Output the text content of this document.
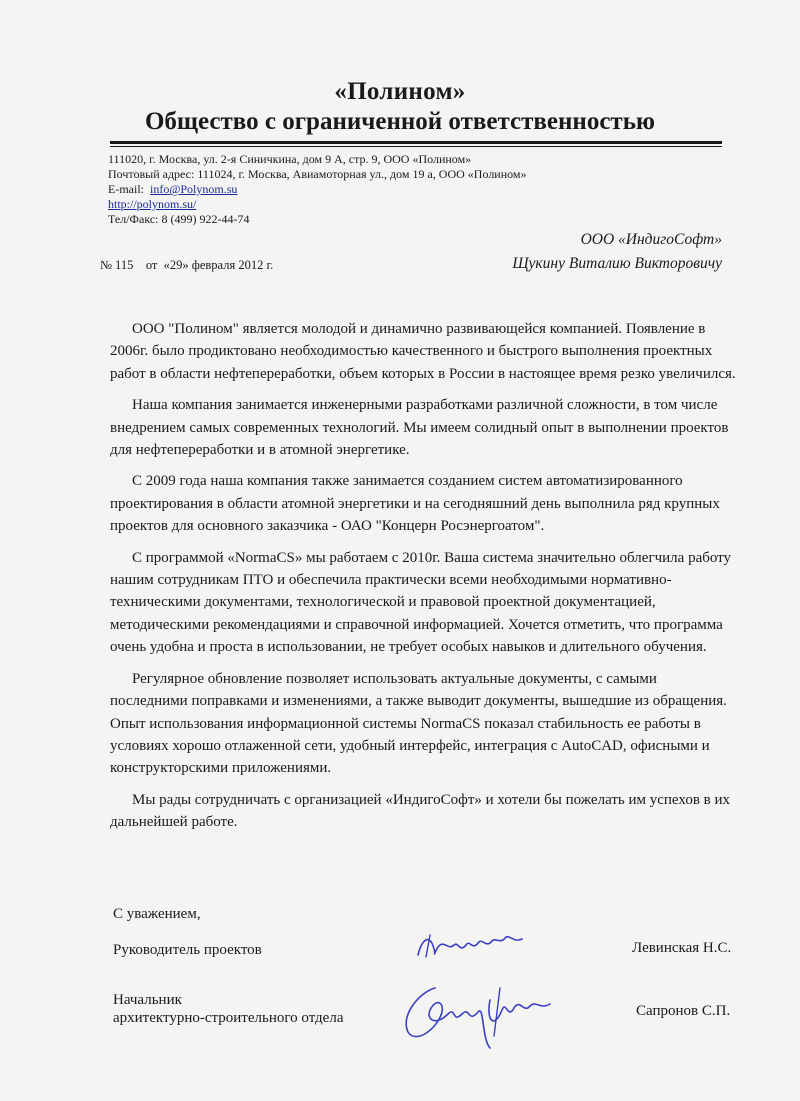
«Полином»
Общество с ограниченной ответственностью
111020, г. Москва, ул. 2-я Синичкина, дом 9 А, стр. 9, ООО «Полином»
Почтовый адрес: 111024, г. Москва, Авиамоторная ул., дом 19 а, ООО «Полином»
E-mail: info@Polynom.su
http://polynom.su/
Тел/Факс: 8 (499) 922-44-74
ООО «ИндигоСофт»
Щукину Виталию Викторовичу
№ 115    от  «29» февраля 2012 г.

ООО "Полином" является молодой и динамично развивающейся компанией. Появление в 2006г. было продиктовано необходимостью качественного и быстрого выполнения проектных работ в области нефтепереработки, объем которых в России в настоящее время резко увеличился.

Наша компания занимается инженерными разработками различной сложности, в том числе внедрением самых современных технологий. Мы имеем солидный опыт в выполнении проектов для нефтепереработки и в атомной энергетике.

С 2009 года наша компания также занимается созданием систем автоматизированного проектирования в области атомной энергетики и на сегодняшний день выполнила ряд крупных проектов для основного заказчика - ОАО "Концерн Росэнергоатом".

С программой «NormaCS» мы работаем с 2010г. Ваша система значительно облегчила работу нашим сотрудникам ПТО и обеспечила практически всеми необходимыми нормативно-техническими документами, технологической и правовой проектной документацией, методическими рекомендациями и справочной информацией. Хочется отметить, что программа очень удобна и проста в использовании, не требует особых навыков и длительного обучения.

Регулярное обновление позволяет использовать актуальные документы, с самыми последними поправками и изменениями, а также выводит документы, вышедшие из обращения. Опыт использования информационной системы NormaCS показал стабильность ее работы в условиях хорошо отлаженной сети, удобный интерфейс, интеграция с AutoCAD, офисными и конструкторскими приложениями.

Мы рады сотрудничать с организацией «ИндигоСофт» и хотели бы пожелать им успехов в их дальнейшей работе.

С уважением,
Руководитель проектов	Левинская Н.С.
Начальник
архитектурно-строительного отдела	Сапронов С.П.
